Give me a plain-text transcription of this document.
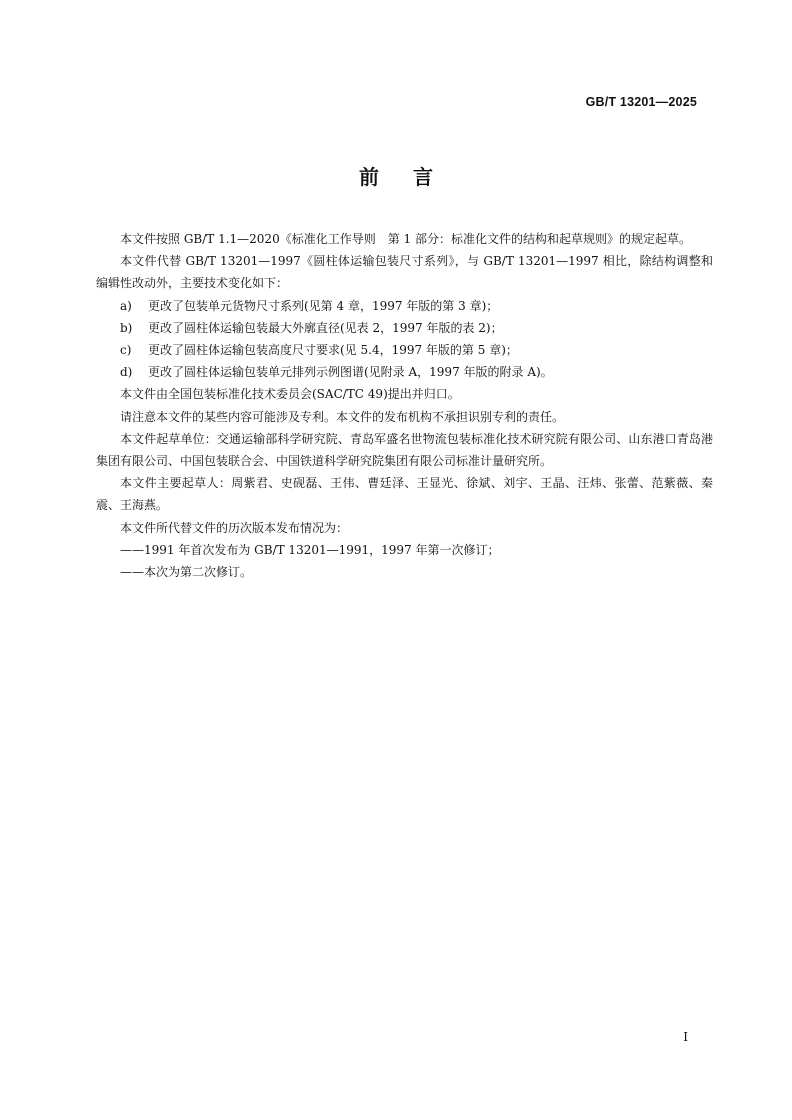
GB/T 13201—2025
前言

本文件按照 GB/T 1.1—2020《标准化工作导则　第 1 部分：标准化文件的结构和起草规则》的规定起草。

本文件代替 GB/T 13201—1997《圆柱体运输包装尺寸系列》，与 GB/T 13201—1997 相比，除结构调整和编辑性改动外，主要技术变化如下：

a) 更改了包装单元货物尺寸系列(见第 4 章，1997 年版的第 3 章)；
b) 更改了圆柱体运输包装最大外廓直径(见表 2，1997 年版的表 2)；
c) 更改了圆柱体运输包装高度尺寸要求(见 5.4，1997 年版的第 5 章)；
d) 更改了圆柱体运输包装单元排列示例图谱(见附录 A，1997 年版的附录 A)。

本文件由全国包装标准化技术委员会(SAC/TC 49)提出并归口。

请注意本文件的某些内容可能涉及专利。本文件的发布机构不承担识别专利的责任。

本文件起草单位：交通运输部科学研究院、青岛军盛名世物流包装标准化技术研究院有限公司、山东港口青岛港集团有限公司、中国包装联合会、中国铁道科学研究院集团有限公司标准计量研究所。

本文件主要起草人：周紫君、史砚磊、王伟、曹廷泽、王显光、徐斌、刘宇、王晶、汪炜、张蕾、范紫薇、秦震、王海燕。

本文件所代替文件的历次版本发布情况为：

——1991 年首次发布为 GB/T 13201—1991，1997 年第一次修订；
——本次为第二次修订。
I
